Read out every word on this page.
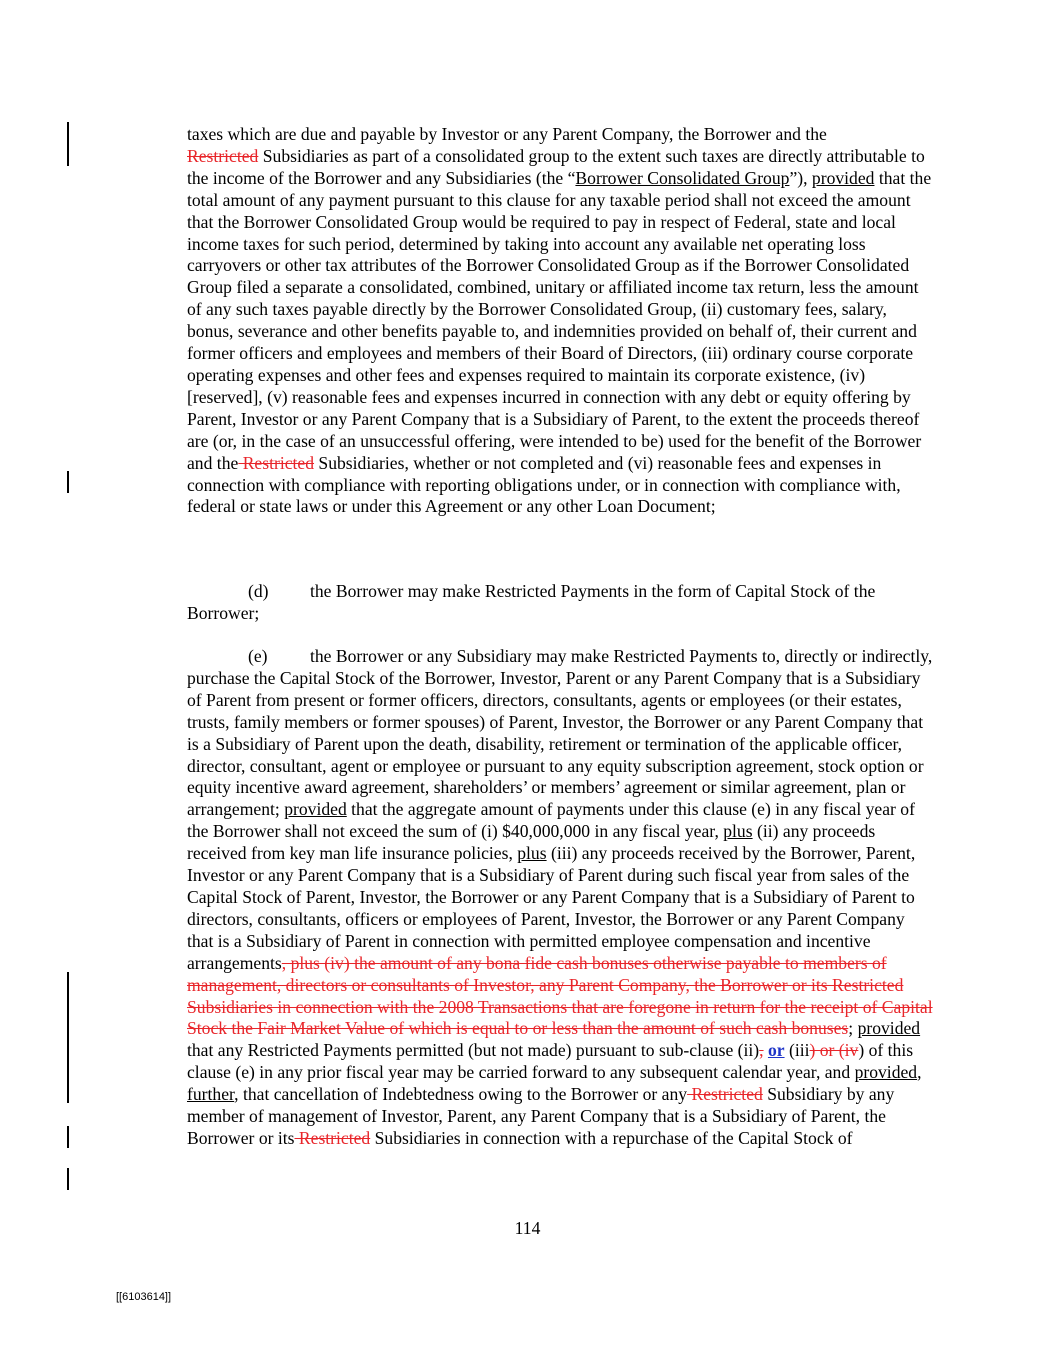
taxes which are due and payable by Investor or any Parent Company, the Borrower and the
Restricted Subsidiaries as part of a consolidated group to the extent such taxes are directly attributable to the income of the Borrower and any Subsidiaries (the “Borrower Consolidated Group”), provided that the total amount of any payment pursuant to this clause for any taxable period shall not exceed the amount that the Borrower Consolidated Group would be required to pay in respect of Federal, state and local income taxes for such period, determined by taking into account any available net operating loss carryovers or other tax attributes of the Borrower Consolidated Group as if the Borrower Consolidated Group filed a separate a consolidated, combined, unitary or affiliated income tax return, less the amount of any such taxes payable directly by the Borrower Consolidated Group, (ii) customary fees, salary, bonus, severance and other benefits payable to, and indemnities provided on behalf of, their current and former officers and employees and members of their Board of Directors, (iii) ordinary course corporate operating expenses and other fees and expenses required to maintain its corporate existence, (iv) [reserved], (v) reasonable fees and expenses incurred in connection with any debt or equity offering by Parent, Investor or any Parent Company that is a Subsidiary of Parent, to the extent the proceeds thereof are (or, in the case of an unsuccessful offering, were intended to be) used for the benefit of the Borrower and the Restricted Subsidiaries, whether or not completed and (vi) reasonable fees and expenses in connection with compliance with reporting obligations under, or in connection with compliance with, federal or state laws or under this Agreement or any other Loan Document;
(d) the Borrower may make Restricted Payments in the form of Capital Stock of the
Borrower;
(e) the Borrower or any Subsidiary may make Restricted Payments to, directly or indirectly, purchase the Capital Stock of the Borrower, Investor, Parent or any Parent Company that is a Subsidiary of Parent from present or former officers, directors, consultants, agents or employees (or their estates, trusts, family members or former spouses) of Parent, Investor, the Borrower or any Parent Company that is a Subsidiary of Parent upon the death, disability, retirement or termination of the applicable officer, director, consultant, agent or employee or pursuant to any equity subscription agreement, stock option or equity incentive award agreement, shareholders’ or members’ agreement or similar agreement, plan or arrangement; provided that the aggregate amount of payments under this clause (e) in any fiscal year of the Borrower shall not exceed the sum of (i) $40,000,000 in any fiscal year, plus (ii) any proceeds received from key man life insurance policies, plus (iii) any proceeds received by the Borrower, Parent, Investor or any Parent Company that is a Subsidiary of Parent during such fiscal year from sales of the Capital Stock of Parent, Investor, the Borrower or any Parent Company that is a Subsidiary of Parent to directors, consultants, officers or employees of Parent, Investor, the Borrower or any Parent Company that is a Subsidiary of Parent in connection with permitted employee compensation and incentive arrangements, plus (iv) the amount of any bona fide cash bonuses otherwise payable to members of management, directors or consultants of Investor, any Parent Company, the Borrower or its Restricted Subsidiaries in connection with the 2008 Transactions that are foregone in return for the receipt of Capital Stock the Fair Market Value of which is equal to or less than the amount of such cash bonuses; provided that any Restricted Payments permitted (but not made) pursuant to sub-clause (ii), or (iii) or (iv) of this clause (e) in any prior fiscal year may be carried forward to any subsequent calendar year, and provided, further, that cancellation of Indebtedness owing to the Borrower or any Restricted Subsidiary by any member of management of Investor, Parent, any Parent Company that is a Subsidiary of Parent, the Borrower or its Restricted Subsidiaries in connection with a repurchase of the Capital Stock of
114
[[6103614]]
